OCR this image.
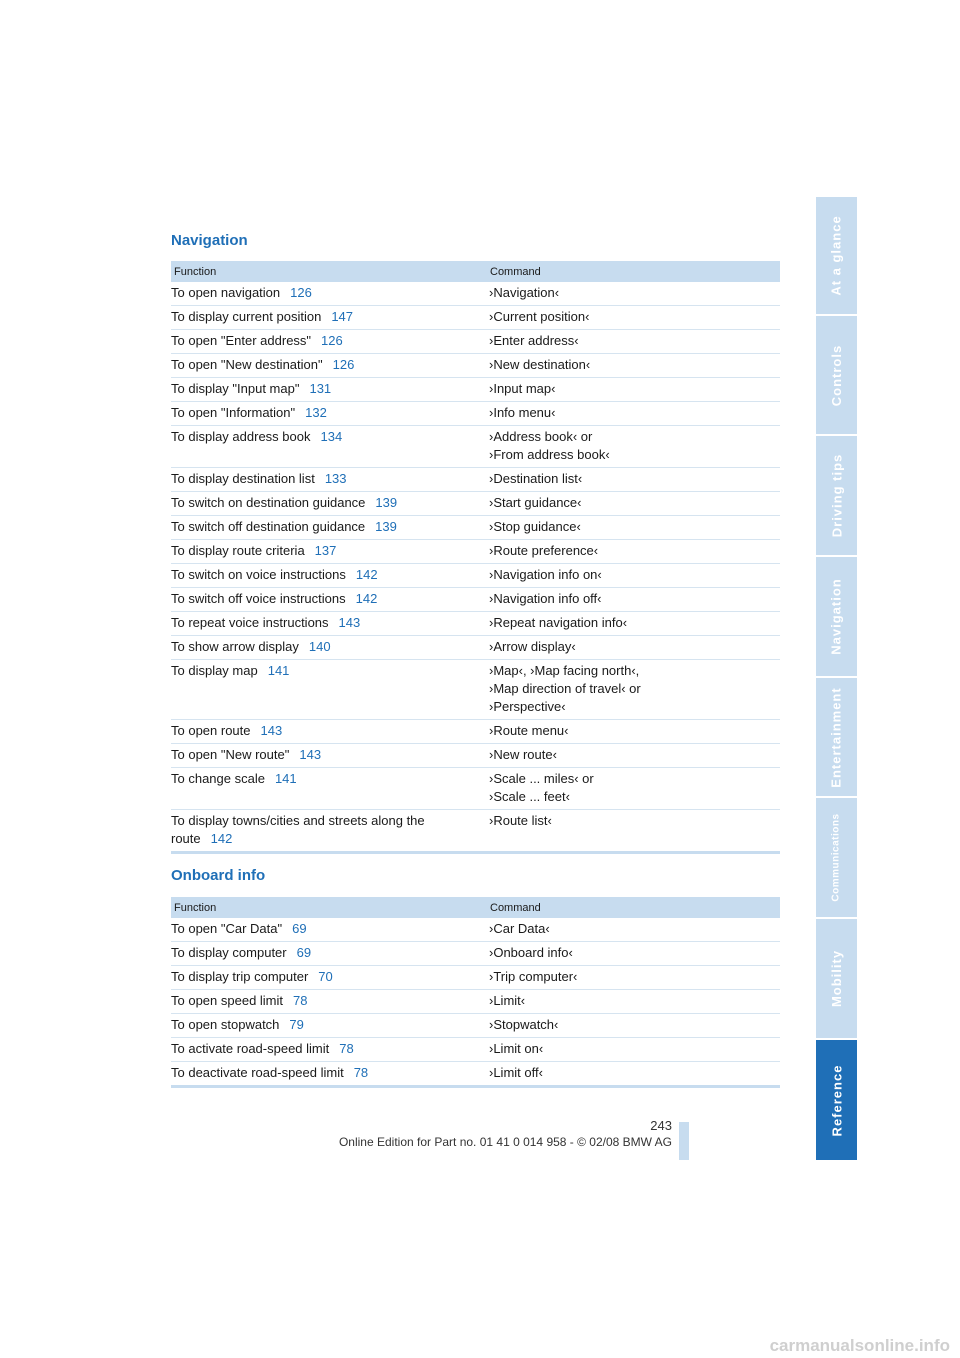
Navigation
Function	Command
To open navigation 126	›Navigation‹

To display current position 147	›Current position‹

To open "Enter address" 126	›Enter address‹

To open "New destination" 126	›New destination‹

To display "Input map" 131	›Input map‹

To open "Information" 132	›Info menu‹

To display address book 134	›Address book‹ or
›From address book‹

To display destination list 133	›Destination list‹

To switch on destination guidance 139	›Start guidance‹

To switch off destination guidance 139	›Stop guidance‹

To display route criteria 137	›Route preference‹

To switch on voice instructions 142	›Navigation info on‹

To switch off voice instructions 142	›Navigation info off‹

To repeat voice instructions 143	›Repeat navigation info‹

To show arrow display 140	›Arrow display‹

To display map 141	›Map‹, ›Map facing north‹,
›Map direction of travel‹ or
›Perspective‹

To open route 143	›Route menu‹

To open "New route" 143	›New route‹

To change scale 141	›Scale ... miles‹ or
›Scale ... feet‹

To display towns/cities and streets along the
route 142	›Route list‹
Onboard info
Function	Command
To open "Car Data" 69	›Car Data‹

To display computer 69	›Onboard info‹

To display trip computer 70	›Trip computer‹

To open speed limit 78	›Limit‹

To open stopwatch 79	›Stopwatch‹

To activate road-speed limit 78	›Limit on‹

To deactivate road-speed limit 78	›Limit off‹
At a glance
Controls
Driving tips
Navigation
Entertainment
Communications
Mobility
Reference
243
Online Edition for Part no. 01 41 0 014 958 - © 02/08 BMW AG
carmanualsonline.info
